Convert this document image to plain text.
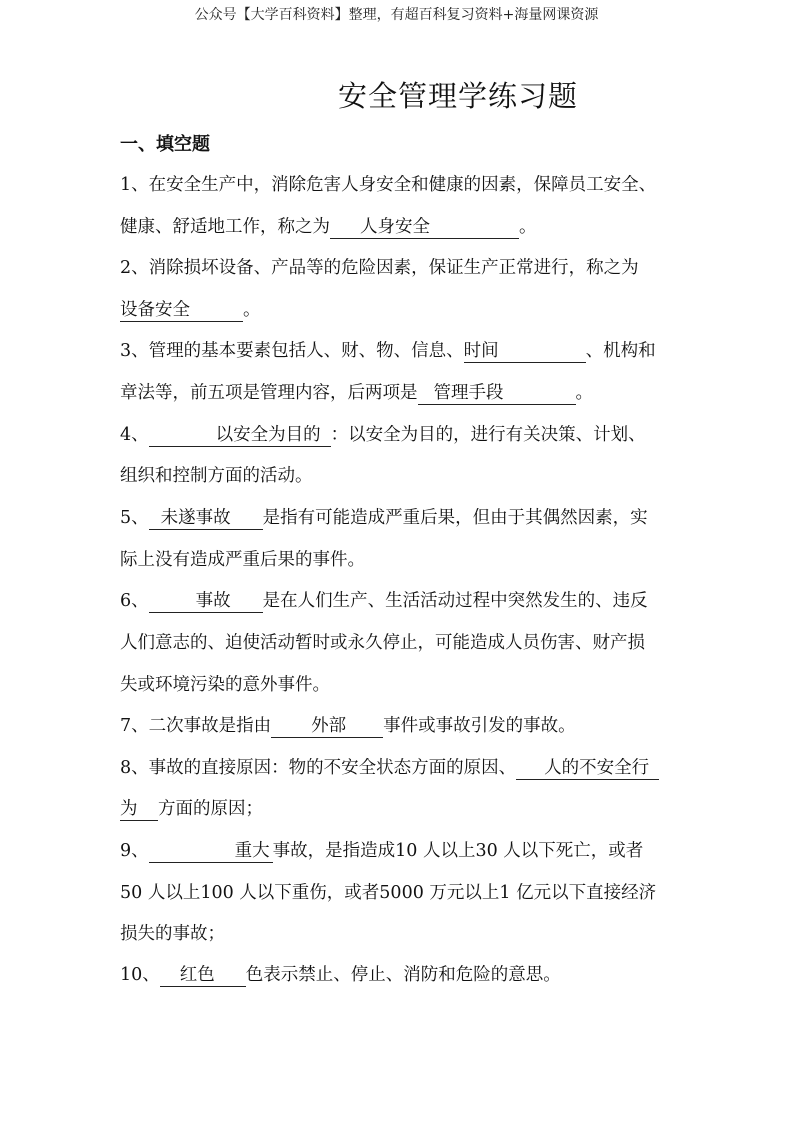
公众号【大学百科资料】整理，有超百科复习资料+海量网课资源
安全管理学练习题
一、填空题
1、在安全生产中，消除危害人身安全和健康的因素，保障员工安全、
健康、舒适地工作，称之为 人身安全	。
2、消除损坏设备、产品等的危险因素，保证生产正常进行，称之为
设备安全	。
3、管理的基本要素包括人、财、物、信息、时间	、机构和
章法等，前五项是管理内容，后两项是 管理手段	。
4、	以安全为目的 ：以安全为目的，进行有关决策、计划、
组织和控制方面的活动。
5、 未遂事故 是指有可能造成严重后果，但由于其偶然因素，实
际上没有造成严重后果的事件。
6、	事故 是在人们生产、生活活动过程中突然发生的、违反
人们意志的、迫使活动暂时或永久停止，可能造成人员伤害、财产损
失或环境污染的意外事件。
7、二次事故是指由 外部 事件或事故引发的事故。
8、事故的直接原因：物的不安全状态方面的原因、 人的不安全行
为 方面的原因；
9、	重大 事故，是指造成10 人以上30 人以下死亡，或者
50 人以上100 人以下重伤，或者5000 万元以上1 亿元以下直接经济
损失的事故；
10、 红色 色表示禁止、停止、消防和危险的意思。
